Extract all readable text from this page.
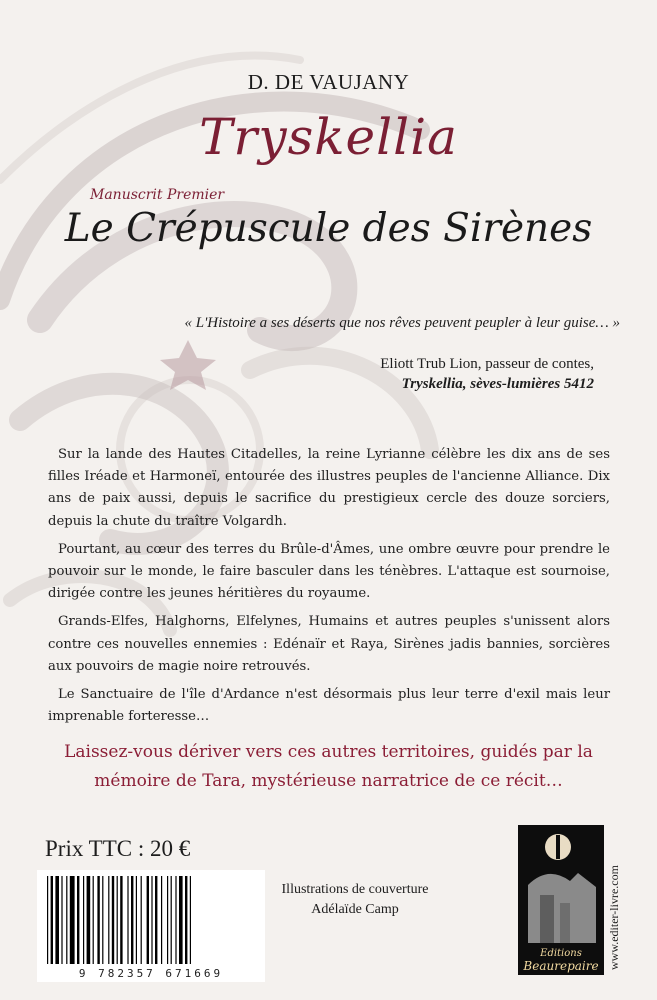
D. DE VAUJANY
Tryskellia
Manuscrit Premier
Le Crépuscule des Sirènes
« L'Histoire a ses déserts que nos rêves peuvent peupler à leur guise… »
Eliott Trub Lion, passeur de contes,
Tryskellia, sèves-lumières 5412

Sur la lande des Hautes Citadelles, la reine Lyrianne célèbre les dix ans de ses filles Iréade et Harmoneï, entourée des illustres peuples de l'ancienne Alliance. Dix ans de paix aussi, depuis le sacrifice du prestigieux cercle des douze sorciers, depuis la chute du traître Volgardh.

Pourtant, au cœur des terres du Brûle-d'Âmes, une ombre œuvre pour prendre le pouvoir sur le monde, le faire basculer dans les ténèbres. L'attaque est sournoise, dirigée contre les jeunes héritières du royaume.

Grands-Elfes, Halghorns, Elfelynes, Humains et autres peuples s'unissent alors contre ces nouvelles ennemies : Edénaïr et Raya, Sirènes jadis bannies, sorcières aux pouvoirs de magie noire retrouvés.

Le Sanctuaire de l'île d'Ardance n'est désormais plus leur terre d'exil mais leur imprenable forteresse…

Laissez-vous dériver vers ces autres territoires, guidés par la
mémoire de Tara, mystérieuse narratrice de ce récit…
Prix TTC : 20 €
9 782357 671669
Illustrations de couverture
Adélaïde Camp
Editions
Beaurepaire www.editer-livre.com
